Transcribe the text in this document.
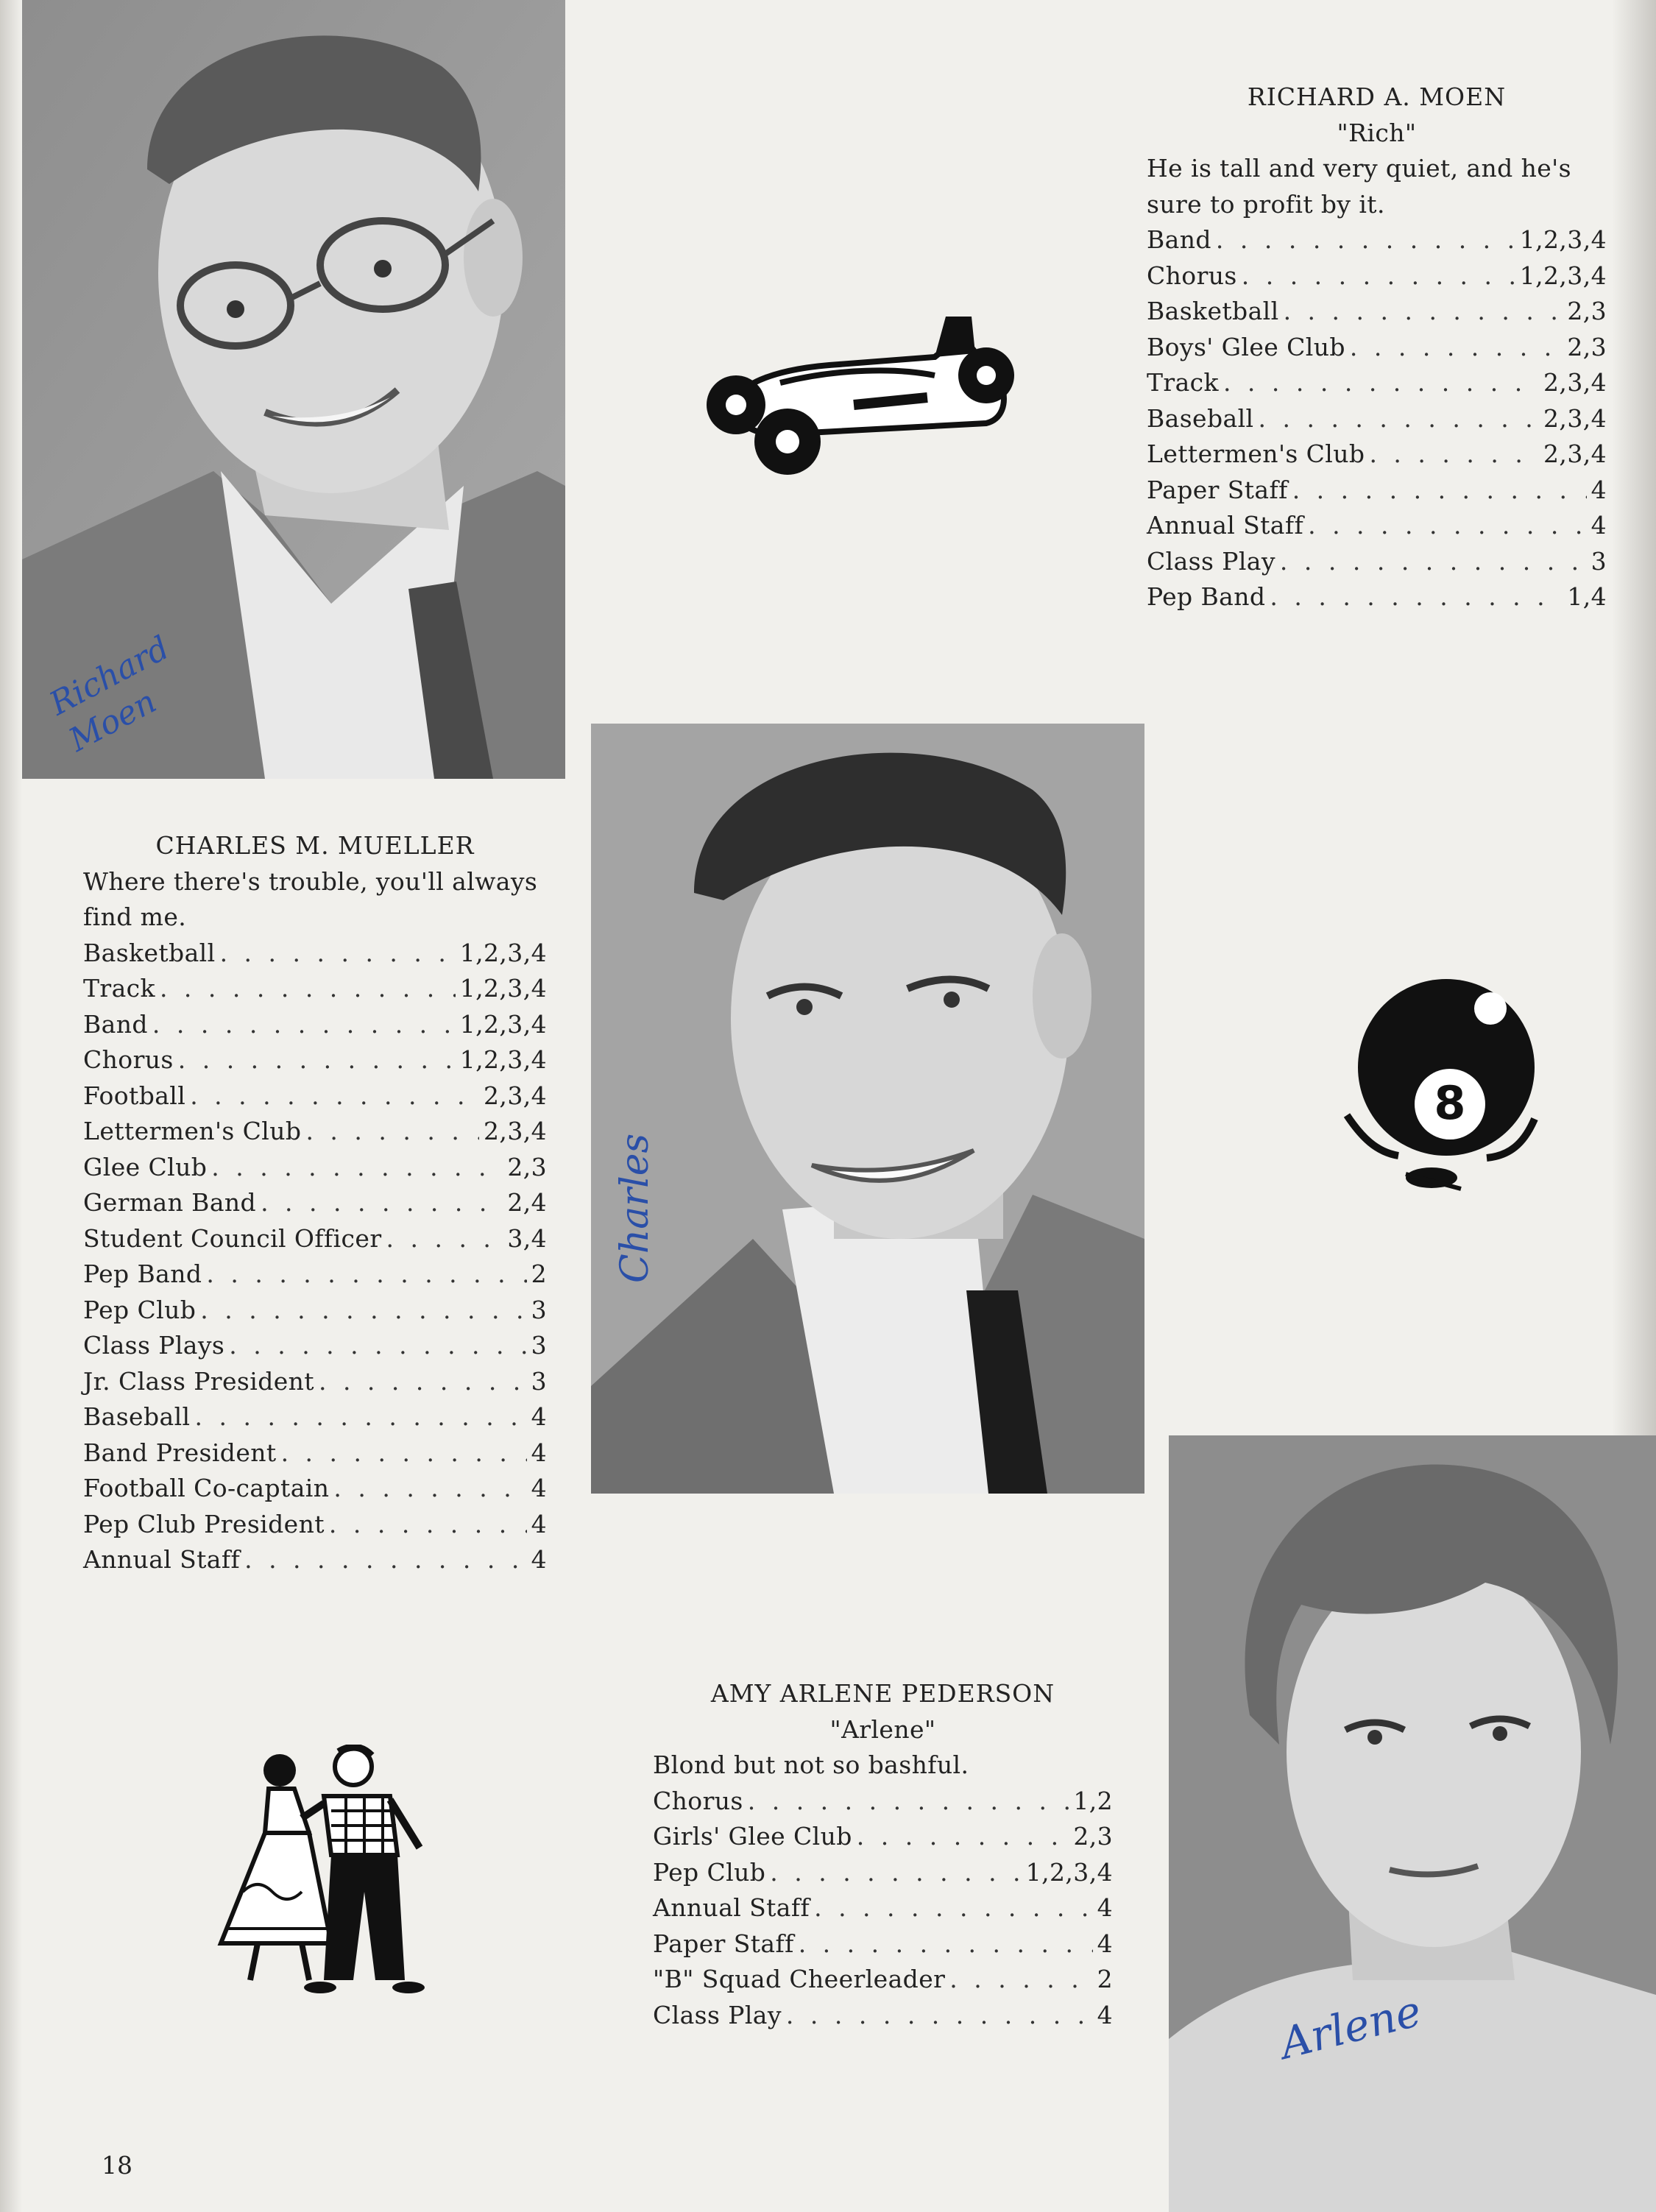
Richard Moen
RICHARD A. MOEN
"Rich"
He is tall and very quiet, and he's sure to profit by it.
Band . . .	1,2,3,4
Chorus . . .	1,2,3,4
Basketball . . .	2,3
Boys' Glee Club . . .	2,3
Track . . .	2,3,4
Baseball . . .	2,3,4
Lettermen's Club . . .	2,3,4
Paper Staff . . .	4
Annual Staff . . .	4
Class Play . . .	3
Pep Band . . .	1,4
CHARLES M. MUELLER
Where there's trouble, you'll always find me.
Basketball . . .	1,2,3,4
Track . . .	1,2,3,4
Band . . .	1,2,3,4
Chorus . . .	1,2,3,4
Football . . .	2,3,4
Lettermen's Club . . .	2,3,4
Glee Club . . .	2,3
German Band . . .	2,4
Student Council Officer . . .	3,4
Pep Band . . .	2
Pep Club . . .	3
Class Plays . . .	3
Jr. Class President . . .	3
Baseball . . .	4
Band President . . .	4
Football Co-captain . . .	4
Pep Club President . . .	4
Annual Staff . . .	4
Charles
8
Arlene
AMY ARLENE PEDERSON
"Arlene"
Blond but not so bashful.
Chorus . . .	1,2
Girls' Glee Club . . .	2,3
Pep Club . . .	1,2,3,4
Annual Staff . . .	4
Paper Staff . . .	4
"B" Squad Cheerleader . . .	2
Class Play . . .	4
18
